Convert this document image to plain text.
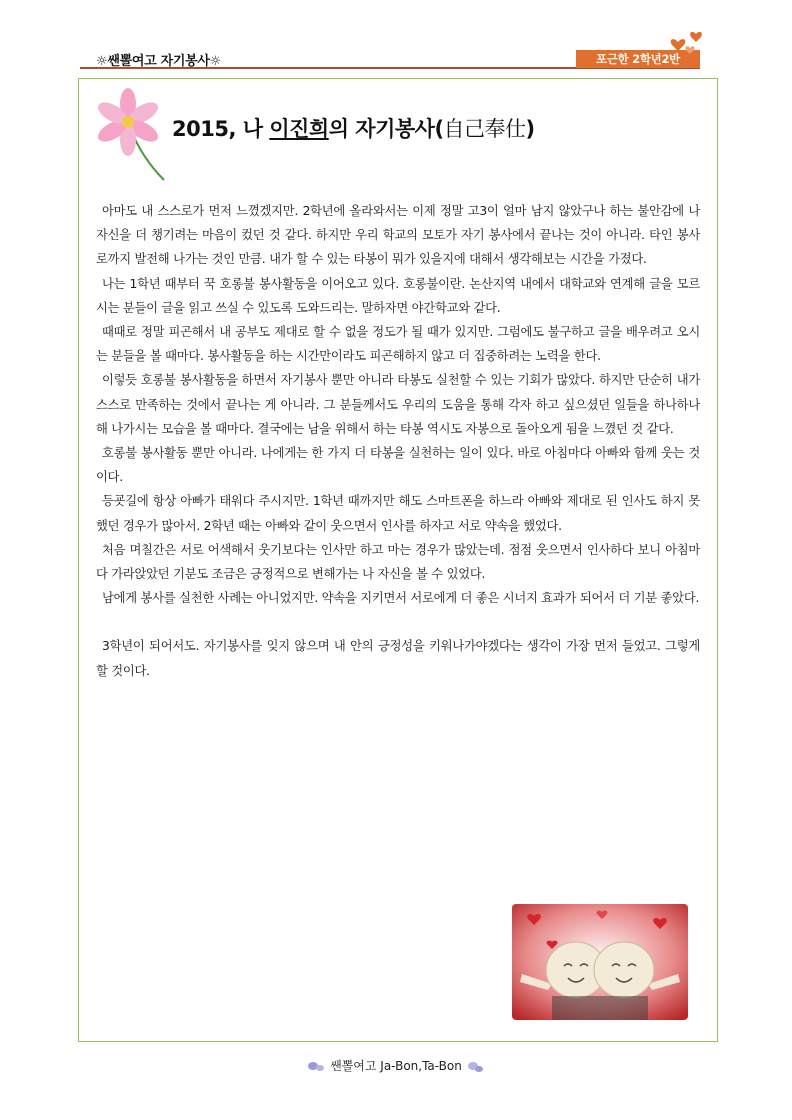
☼쌘뽈여고 자기봉사☼	포근한 2학년2반
2015, 나 이진희의 자기봉사(自己奉仕)

아마도 내 스스로가 먼저 느꼈겠지만. 2학년에 올라와서는 이제 정말 고3이 얼마 남지 않았구나 하는 불안감에 나 자신을 더 챙기려는 마음이 컸던 것 같다. 하지만 우리 학교의 모토가 자기 봉사에서 끝나는 것이 아니라. 타인 봉사로까지 발전해 나가는 것인 만큼. 내가 할 수 있는 타봉이 뭐가 있을지에 대해서 생각해보는 시간을 가졌다.

나는 1학년 때부터 꾹 호롱불 봉사활동을 이어오고 있다. 호롱불이란. 논산지역 내에서 대학교와 연계해 글을 모르시는 분들이 글을 읽고 쓰실 수 있도록 도와드리는. 말하자면 야간학교와 같다.

때때로 정말 피곤해서 내 공부도 제대로 할 수 없을 정도가 될 때가 있지만. 그럼에도 불구하고 글을 배우려고 오시는 분들을 볼 때마다. 봉사활동을 하는 시간만이라도 피곤해하지 않고 더 집중하려는 노력을 한다.

이렇듯 호롱불 봉사활동을 하면서 자기봉사 뿐만 아니라 타봉도 실천할 수 있는 기회가 많았다. 하지만 단순히 내가 스스로 만족하는 것에서 끝나는 게 아니라. 그 분들께서도 우리의 도움을 통해 각자 하고 싶으셨던 일들을 하나하나 해 나가시는 모습을 볼 때마다. 결국에는 남을 위해서 하는 타봉 역시도 자봉으로 돌아오게 됨을 느꼈던 것 같다.

호롱불 봉사활동 뿐만 아니라. 나에게는 한 가지 더 타봉을 실천하는 일이 있다. 바로 아침마다 아빠와 함께 웃는 것이다.

등굣길에 항상 아빠가 태워다 주시지만. 1학년 때까지만 해도 스마트폰을 하느라 아빠와 제대로 된 인사도 하지 못했던 경우가 많아서. 2학년 때는 아빠와 같이 웃으면서 인사를 하자고 서로 약속을 했었다.

처음 며칠간은 서로 어색해서 웃기보다는 인사만 하고 마는 경우가 많았는데. 점점 웃으면서 인사하다 보니 아침마다 가라앉았던 기분도 조금은 긍정적으로 변해가는 나 자신을 볼 수 있었다.

남에게 봉사를 실천한 사례는 아니었지만. 약속을 지키면서 서로에게 더 좋은 시너지 효과가 되어서 더 기분 좋았다.

3학년이 되어서도. 자기봉사를 잊지 않으며 내 안의 긍정성을 키워나가야겠다는 생각이 가장 먼저 들었고. 그렇게 할 것이다.

쌘뽈여고 Ja-Bon,Ta-Bon
